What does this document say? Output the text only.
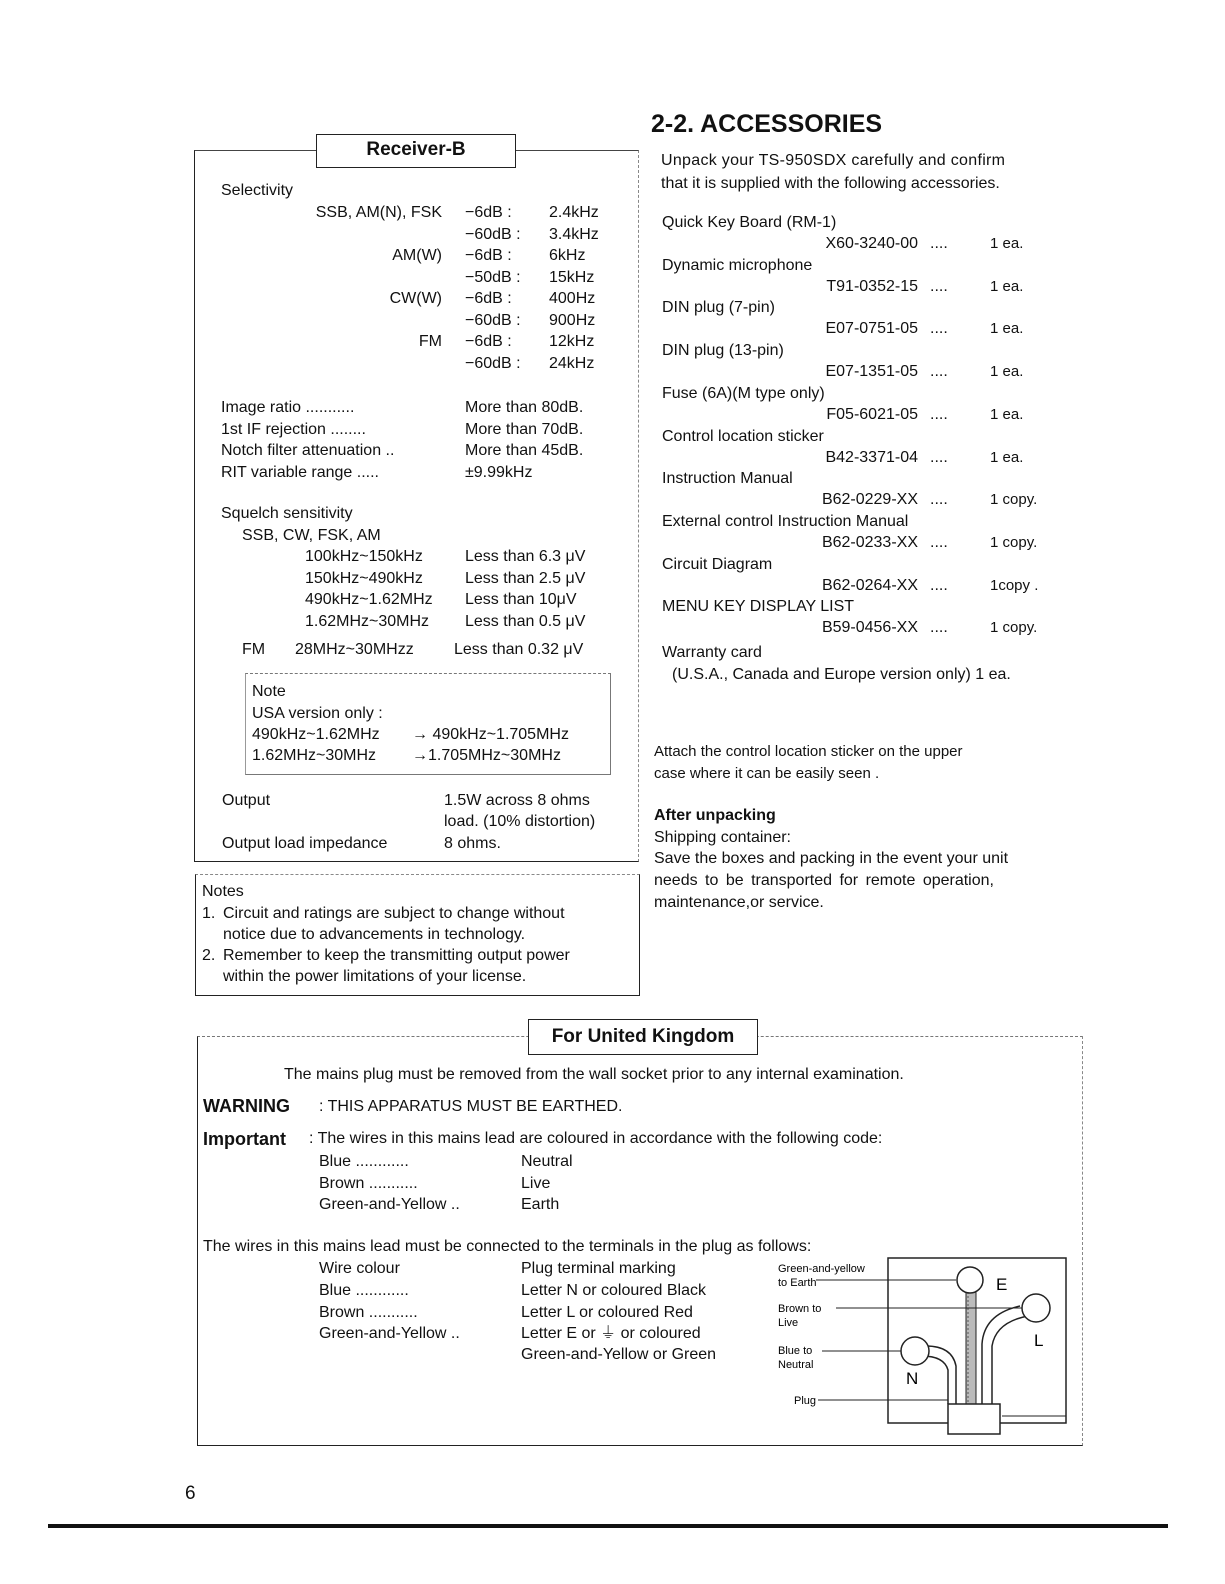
Receiver-B
Selectivity
SSB, AM(N), FSK −6dB : 2.4kHz
−60dB : 3.4kHz
AM(W) −6dB : 6kHz
−50dB : 15kHz
CW(W) −6dB : 400Hz
−60dB : 900Hz
FM −6dB : 12kHz
−60dB : 24kHz
Image ratio ...........	More than 80dB.
1st IF rejection ........	More than 70dB.
Notch filter attenuation ..	More than 45dB.
RIT variable range .....	±9.99kHz
Squelch sensitivity
SSB, CW, FSK, AM
100kHz~150kHz	Less than 6.3 μV
150kHz~490kHz	Less than 2.5 μV
490kHz~1.62MHz Less than 10μV
1.62MHz~30MHz Less than 0.5 μV
FM 28MHz~30MHzz	Less than 0.32 μV
Note
USA version only :
490kHz~1.62MHz → 490kHz~1.705MHz
1.62MHz~30MHz →1.705MHz~30MHz
Output	1.5W across 8 ohms
load. (10% distortion)
Output load impedance	8 ohms.
Notes
1. Circuit and ratings are subject to change without
notice due to advancements in technology.
2. Remember to keep the transmitting output power
within the power limitations of your license.
2-2. ACCESSORIES
Unpack your TS-950SDX carefully and confirm
that it is supplied with the following accessories.
Quick Key Board (RM-1)
X60-3240-00 ....	1 ea.
Dynamic microphone
T91-0352-15 ....	1 ea.
DIN plug (7-pin)
E07-0751-05 ....	1 ea.
DIN plug (13-pin)
E07-1351-05 ....	1 ea.
Fuse (6A)(M type only)
F05-6021-05 ....	1 ea.
Control location sticker
B42-3371-04 ....	1 ea.
Instruction Manual
B62-0229-XX ....	1 copy.
External control Instruction Manual
B62-0233-XX ....	1 copy.
Circuit Diagram
B62-0264-XX ....	1copy .
MENU KEY DISPLAY LIST
B59-0456-XX ....	1 copy.
Warranty card
(U.S.A., Canada and Europe version only) 1 ea.
Attach the control location sticker on the upper
case where it can be easily seen .
After unpacking
Shipping container:
Save the boxes and packing in the event your unit
needs to be transported for remote operation,
maintenance,or service.
For United Kingdom
The mains plug must be removed from the wall socket prior to any internal examination.
WARNING : THIS APPARATUS MUST BE EARTHED.
Important : The wires in this mains lead are coloured in accordance with the following code:
Blue ............	Neutral
Brown ...........	Live
Green-and-Yellow ..	Earth
The wires in this mains lead must be connected to the terminals in the plug as follows:
Wire colour	Plug terminal marking
Blue ............	Letter N or coloured Black
Brown ...........	Letter L or coloured Red
Green-and-Yellow ..	Letter E or ⏚ or coloured
Green-and-Yellow or Green
Green-and-yellow
to Earth
Brown to
Live
Blue to
Neutral
Plug
E
L
N
6
